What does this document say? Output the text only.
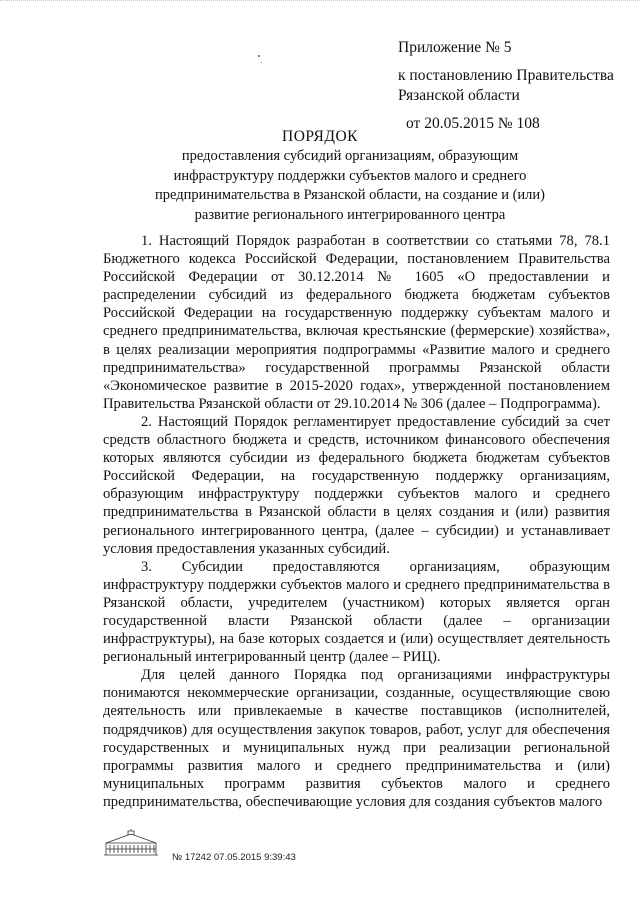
Приложение № 5
к постановлению Правительства
Рязанской области
от 20.05.2015 № 108
ПОРЯДОК
предоставления субсидий организациям, образующим инфраструктуру поддержки субъектов малого и среднего предпринимательства в Рязанской области, на создание и (или) развитие регионального интегрированного центра

1. Настоящий Порядок разработан в соответствии со статьями 78, 78.1 Бюджетного кодекса Российской Федерации, постановлением Правительства Российской Федерации от 30.12.2014 № 1605 «О предоставлении и распределении субсидий из федерального бюджета бюджетам субъектов Российской Федерации на государственную поддержку субъектам малого и среднего предпринимательства, включая крестьянские (фермерские) хозяйства», в целях реализации мероприятия подпрограммы «Развитие малого и среднего предпринимательства» государственной программы Рязанской области «Экономическое развитие в 2015-2020 годах», утвержденной постановлением Правительства Рязанской области от 29.10.2014 № 306 (далее – Подпрограмма).

2. Настоящий Порядок регламентирует предоставление субсидий за счет средств областного бюджета и средств, источником финансового обеспечения которых являются субсидии из федерального бюджета бюджетам субъектов Российской Федерации, на государственную поддержку организациям, образующим инфраструктуру поддержки субъектов малого и среднего предпринимательства в Рязанской области в целях создания и (или) развития регионального интегрированного центра, (далее – субсидии) и устанавливает условия предоставления указанных субсидий.

3. Субсидии предоставляются организациям, образующим инфраструктуру поддержки субъектов малого и среднего предпринимательства в Рязанской области, учредителем (участником) которых является орган государственной власти Рязанской области (далее – организации инфраструктуры), на базе которых создается и (или) осуществляет деятельность региональный интегрированный центр (далее – РИЦ).

Для целей данного Порядка под организациями инфраструктуры понимаются некоммерческие организации, созданные, осуществляющие свою деятельность или привлекаемые в качестве поставщиков (исполнителей, подрядчиков) для осуществления закупок товаров, работ, услуг для обеспечения государственных и муниципальных нужд при реализации региональной программы развития малого и среднего предпринимательства и (или) муниципальных программ развития субъектов малого и среднего предпринимательства, обеспечивающие условия для создания субъектов малого

№ 17242 07.05.2015 9:39:43
